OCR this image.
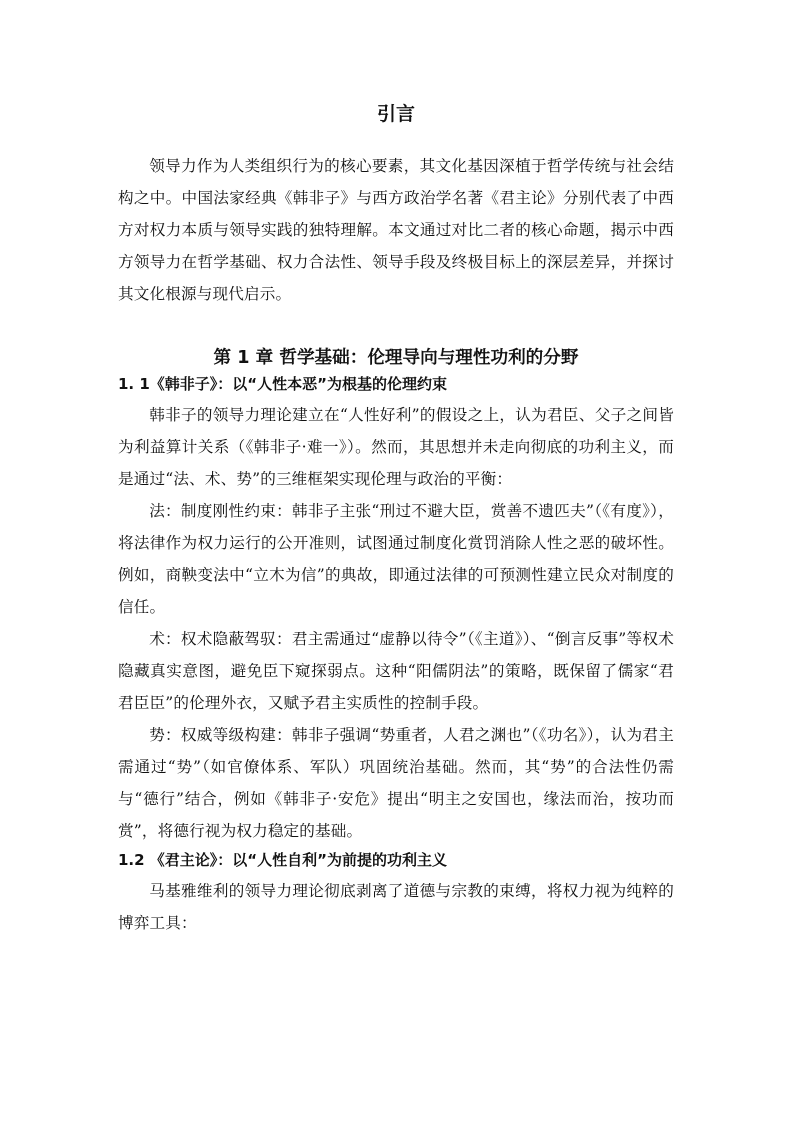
引言

领导力作为人类组织行为的核心要素，其文化基因深植于哲学传统与社会结构之中。中国法家经典《韩非子》与西方政治学名著《君主论》分别代表了中西方对权力本质与领导实践的独特理解。本文通过对比二者的核心命题，揭示中西方领导力在哲学基础、权力合法性、领导手段及终极目标上的深层差异，并探讨其文化根源与现代启示。

第 1 章 哲学基础：伦理导向与理性功利的分野
1. 1《韩非子》：以“人性本恶”为根基的伦理约束

韩非子的领导力理论建立在“人性好利”的假设之上，认为君臣、父子之间皆为利益算计关系（《韩非子·难一》）。然而，其思想并未走向彻底的功利主义，而是通过“法、术、势”的三维框架实现伦理与政治的平衡：

法：制度刚性约束：韩非子主张“刑过不避大臣，赏善不遗匹夫”（《有度》），将法律作为权力运行的公开准则，试图通过制度化赏罚消除人性之恶的破坏性。例如，商鞅变法中“立木为信”的典故，即通过法律的可预测性建立民众对制度的信任。

术：权术隐蔽驾驭：君主需通过“虚静以待令”（《主道》）、“倒言反事”等权术隐藏真实意图，避免臣下窥探弱点。这种“阳儒阴法”的策略，既保留了儒家“君君臣臣”的伦理外衣，又赋予君主实质性的控制手段。

势：权威等级构建：韩非子强调“势重者，人君之渊也”（《功名》），认为君主需通过“势”（如官僚体系、军队）巩固统治基础。然而，其“势”的合法性仍需与“德行”结合，例如《韩非子·安危》提出“明主之安国也，缘法而治，按功而赏”，将德行视为权力稳定的基础。

1.2 《君主论》：以“人性自利”为前提的功利主义

马基雅维利的领导力理论彻底剥离了道德与宗教的束缚，将权力视为纯粹的博弈工具：
